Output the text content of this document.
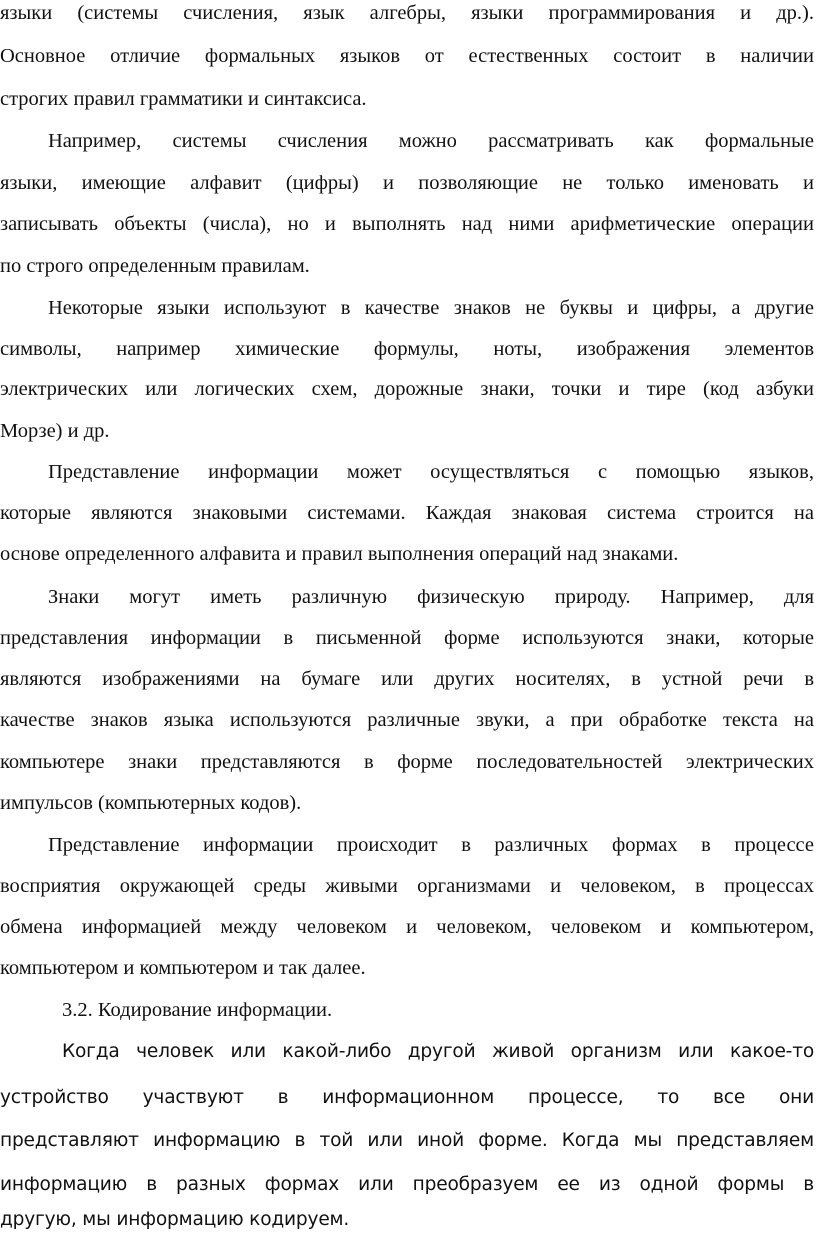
языки (системы счисления, язык алгебры, языки программирования и др.).
Основное отличие формальных языков от естественных состоит в наличии
строгих правил грамматики и синтаксиса.
Например, системы счисления можно рассматривать как формальные
языки, имеющие алфавит (цифры) и позволяющие не только именовать и
записывать объекты (числа), но и выполнять над ними арифметические операции
по строго определенным правилам.
Некоторые языки используют в качестве знаков не буквы и цифры, а другие
символы, например химические формулы, ноты, изображения элементов
электрических или логических схем, дорожные знаки, точки и тире (код азбуки
Морзе) и др.
Представление информации может осуществляться с помощью языков,
которые являются знаковыми системами. Каждая знаковая система строится на
основе определенного алфавита и правил выполнения операций над знаками.
Знаки могут иметь различную физическую природу. Например, для
представления информации в письменной форме используются знаки, которые
являются изображениями на бумаге или других носителях, в устной речи в
качестве знаков языка используются различные звуки, а при обработке текста на
компьютере знаки представляются в форме последовательностей электрических
импульсов (компьютерных кодов).
Представление информации происходит в различных формах в процессе
восприятия окружающей среды живыми организмами и человеком, в процессах
обмена информацией между человеком и человеком, человеком и компьютером,
компьютером и компьютером и так далее.
3.2. Кодирование информации.
Когда человек или какой-либо другой живой организм или какое-то
устройство участвуют в информационном процессе, то все они
представляют информацию в той или иной форме. Когда мы представляем
информацию в разных формах или преобразуем ее из одной формы в
другую, мы информацию кодируем.
